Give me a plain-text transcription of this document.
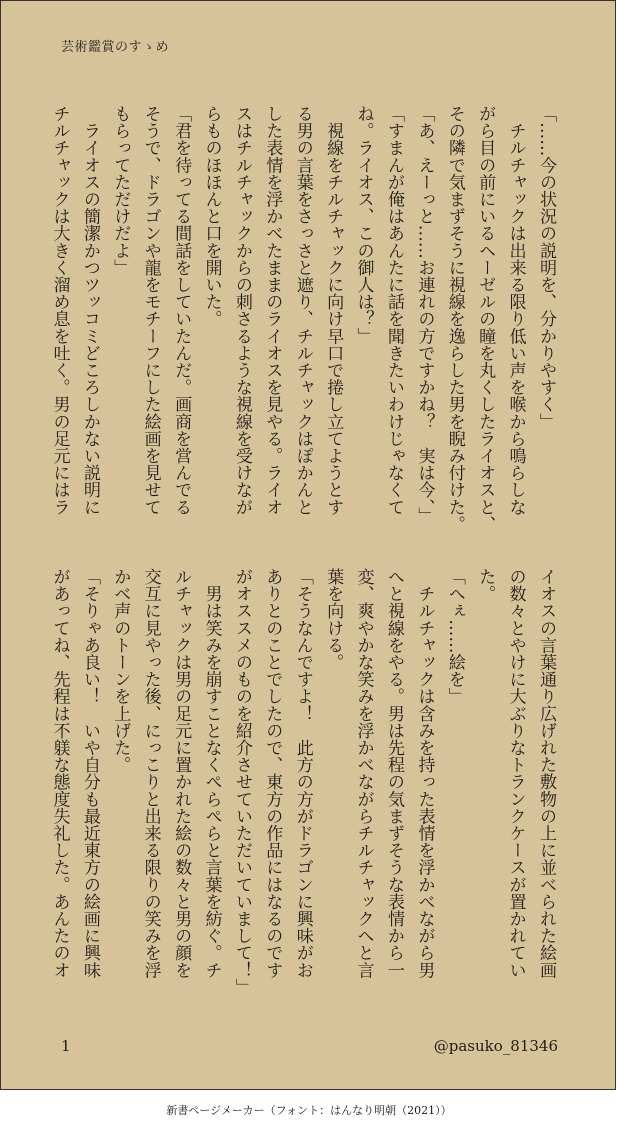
芸術鑑賞のすゝめ

「……今の状況の説明を、分かりやすく」

　チルチャックは出来る限り低い声を喉から鳴らしな

がら目の前にいるヘーゼルの瞳を丸くしたライオスと、

その隣で気まずそうに視線を逸らした男を睨み付けた。

「あ、えーっと……お連れの方ですかね？　実は今、」

「すまんが俺はあんたに話を聞きたいわけじゃなくて

ね。ライオス、この御人は？」

　視線をチルチャックに向け早口で捲し立てようとす

る男の言葉をさっさと遮り、チルチャックはぽかんと

した表情を浮かべたままのライオスを見やる。ライオ

スはチルチャックからの刺さるような視線を受けなが

らものほほんと口を開いた。

「君を待ってる間話をしていたんだ。画商を営んでる

そうで、ドラゴンや龍をモチーフにした絵画を見せて

もらってただけだよ」

　ライオスの簡潔かつツッコミどころしかない説明に

チルチャックは大きく溜め息を吐く。男の足元にはラ

イオスの言葉通り広げれた敷物の上に並べられた絵画

の数々とやけに大ぶりなトランクケースが置かれてい

た。

「へぇ……絵を」

　チルチャックは含みを持った表情を浮かべながら男

へと視線をやる。男は先程の気まずそうな表情から一

変、爽やかな笑みを浮かべながらチルチャックへと言

葉を向ける。

「そうなんですよ！　此方の方がドラゴンに興味がお

ありとのことでしたので、東方の作品にはなるのです

がオススメのものを紹介させていただいていまして！」

　男は笑みを崩すことなくぺらぺらと言葉を紡ぐ。チ

ルチャックは男の足元に置かれた絵の数々と男の顔を

交互に見やった後、にっこりと出来る限りの笑みを浮

かべ声のトーンを上げた。

「そりゃあ良い！　いや自分も最近東方の絵画に興味

があってね、先程は不躾な態度失礼した。あんたのオ

1	@pasuko_81346
新書ページメーカー（フォント：はんなり明朝（2021））
